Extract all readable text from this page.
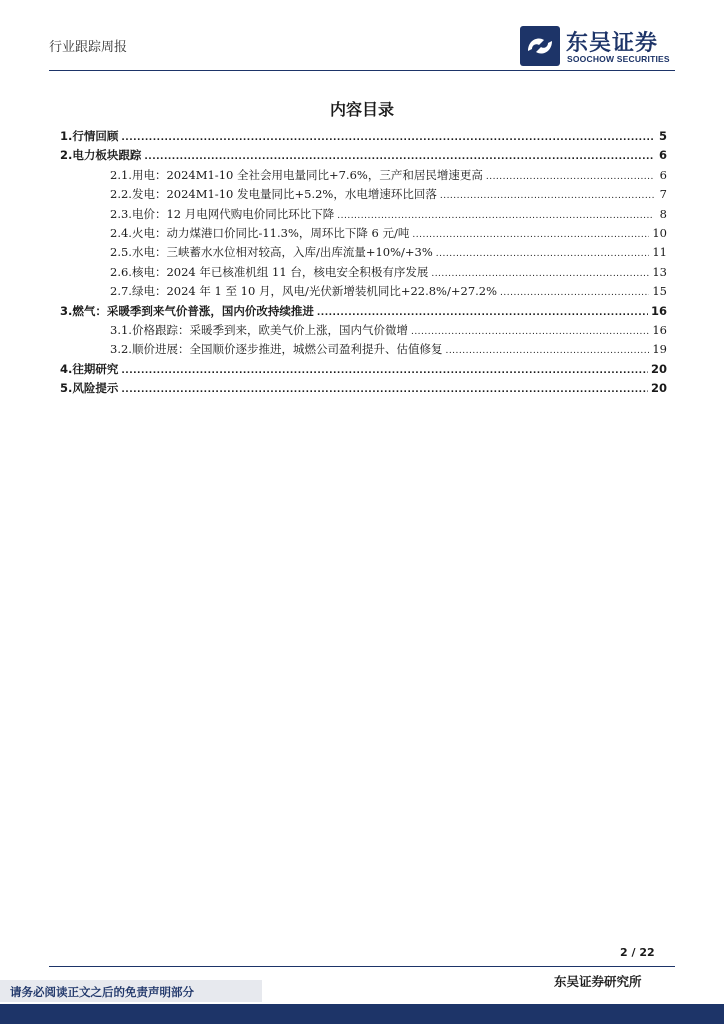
行业跟踪周报	东吴证券
SOOCHOW SECURITIES
内容目录
1. 行情回顾 .....	5
2. 电力板块跟踪 .....	6
2.1. 用电：2024M1-10 全社会用电量同比+7.6%，三产和居民增速更高 .....	6
2.2. 发电：2024M1-10 发电量同比+5.2%，水电增速环比回落 .....	7
2.3. 电价：12 月电网代购电价同比环比下降 .....	8
2.4. 火电：动力煤港口价同比-11.3%，周环比下降 6 元/吨 .....	10
2.5. 水电：三峡蓄水水位相对较高，入库/出库流量+10%/+3% .....	11
2.6. 核电：2024 年已核准机组 11 台，核电安全积极有序发展 .....	13
2.7. 绿电：2024 年 1 至 10 月，风电/光伏新增装机同比+22.8%/+27.2% .....	15
3. 燃气：采暖季到来气价普涨，国内价改持续推进 .....	16
3.1. 价格跟踪：采暖季到来，欧美气价上涨，国内气价微增 .....	16
3.2. 顺价进展：全国顺价逐步推进，城燃公司盈利提升、估值修复 .....	19
4. 往期研究 .....	20
5. 风险提示 .....	20
2 / 22
东吴证券研究所
请务必阅读正文之后的免责声明部分
